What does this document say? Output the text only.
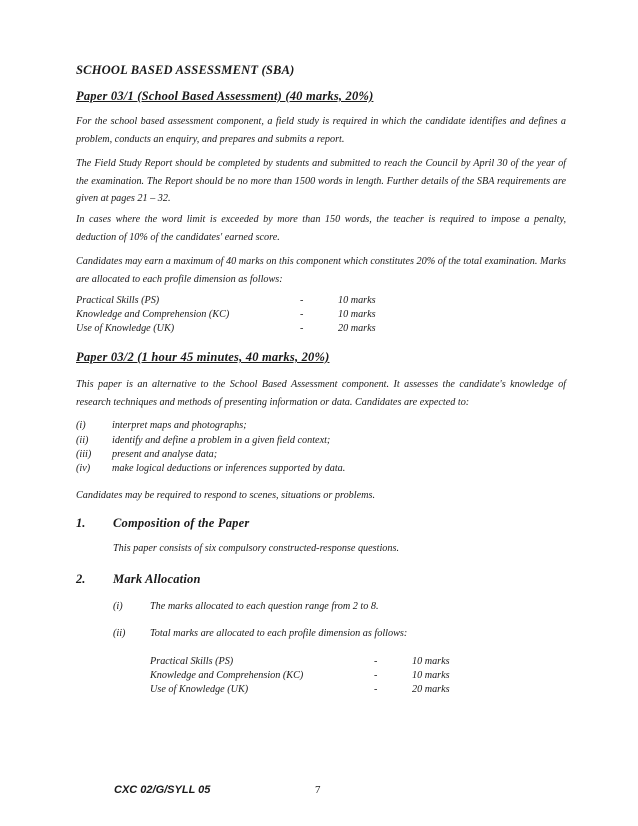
SCHOOL BASED ASSESSMENT (SBA)
Paper 03/1 (School Based Assessment) (40 marks, 20%)
For the school based assessment component, a field study is required in which the candidate identifies and defines a problem, conducts an enquiry, and prepares and submits a report.
The Field Study Report should be completed by students and submitted to reach the Council by April 30 of the year of the examination. The Report should be no more than 1500 words in length. Further details of the SBA requirements are given at pages 21 – 32.
In cases where the word limit is exceeded by more than 150 words, the teacher is required to impose a penalty, deduction of 10% of the candidates' earned score.
Candidates may earn a maximum of 40 marks on this component which constitutes 20% of the total examination. Marks are allocated to each profile dimension as follows:
Practical Skills (PS)	-	10 marks
Knowledge and Comprehension (KC)	-	10 marks
Use of Knowledge (UK)	-	20 marks
Paper 03/2 (1 hour 45 minutes, 40 marks, 20%)
This paper is an alternative to the School Based Assessment component. It assesses the candidate's knowledge of research techniques and methods of presenting information or data. Candidates are expected to:
(i)	interpret maps and photographs;
(ii) identify and define a problem in a given field context;
(iii) present and analyse data;
(iv) make logical deductions or inferences supported by data.
Candidates may be required to respond to scenes, situations or problems.
1. Composition of the Paper
This paper consists of six compulsory constructed-response questions.
2. Mark Allocation
(i)	The marks allocated to each question range from 2 to 8.
(ii) Total marks are allocated to each profile dimension as follows:
Practical Skills (PS)	-	10 marks
Knowledge and Comprehension (KC)	-	10 marks
Use of Knowledge (UK)	-	20 marks
CXC 02/G/SYLL 05	7
